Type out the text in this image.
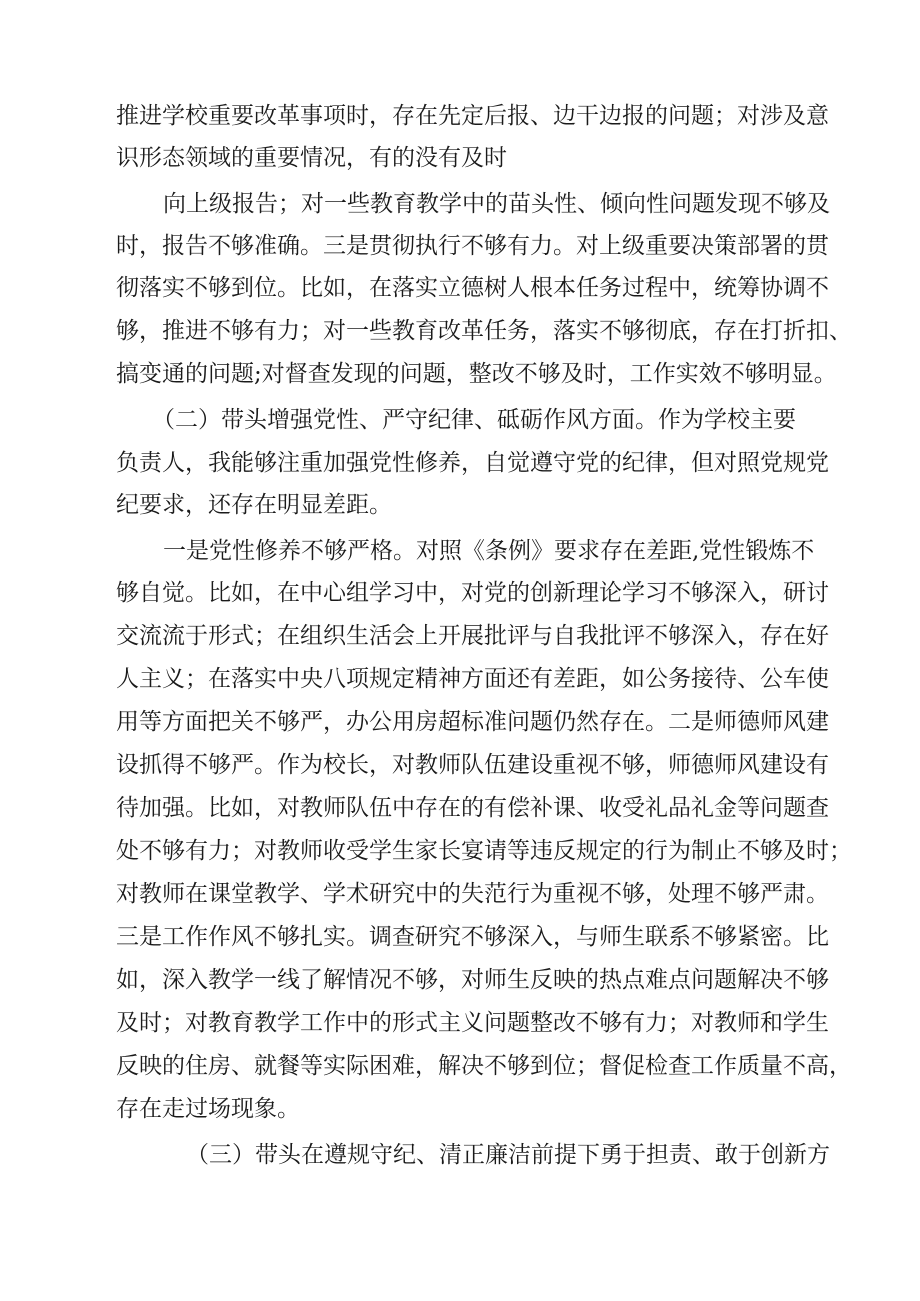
推进学校重要改革事项时，存在先定后报、边干边报的问题；对涉及意
识形态领域的重要情况，有的没有及时
向上级报告；对一些教育教学中的苗头性、倾向性问题发现不够及
时，报告不够准确。三是贯彻执行不够有力。对上级重要决策部署的贯
彻落实不够到位。比如，在落实立德树人根本任务过程中，统筹协调不
够，推进不够有力；对一些教育改革任务，落实不够彻底，存在打折扣、
搞变通的问题;对督查发现的问题，整改不够及时，工作实效不够明显。
（二）带头增强党性、严守纪律、砥砺作风方面。作为学校主要
负责人，我能够注重加强党性修养，自觉遵守党的纪律，但对照党规党
纪要求，还存在明显差距。
一是党性修养不够严格。对照《条例》要求存在差距,党性锻炼不
够自觉。比如，在中心组学习中，对党的创新理论学习不够深入，研讨
交流流于形式；在组织生活会上开展批评与自我批评不够深入，存在好
人主义；在落实中央八项规定精神方面还有差距，如公务接待、公车使
用等方面把关不够严，办公用房超标准问题仍然存在。二是师德师风建
设抓得不够严。作为校长，对教师队伍建设重视不够，师德师风建设有
待加强。比如，对教师队伍中存在的有偿补课、收受礼品礼金等问题查
处不够有力；对教师收受学生家长宴请等违反规定的行为制止不够及时；
对教师在课堂教学、学术研究中的失范行为重视不够，处理不够严肃。
三是工作作风不够扎实。调查研究不够深入，与师生联系不够紧密。比
如，深入教学一线了解情况不够，对师生反映的热点难点问题解决不够
及时；对教育教学工作中的形式主义问题整改不够有力；对教师和学生
反映的住房、就餐等实际困难，解决不够到位；督促检查工作质量不高，
存在走过场现象。
（三）带头在遵规守纪、清正廉洁前提下勇于担责、敢于创新方
